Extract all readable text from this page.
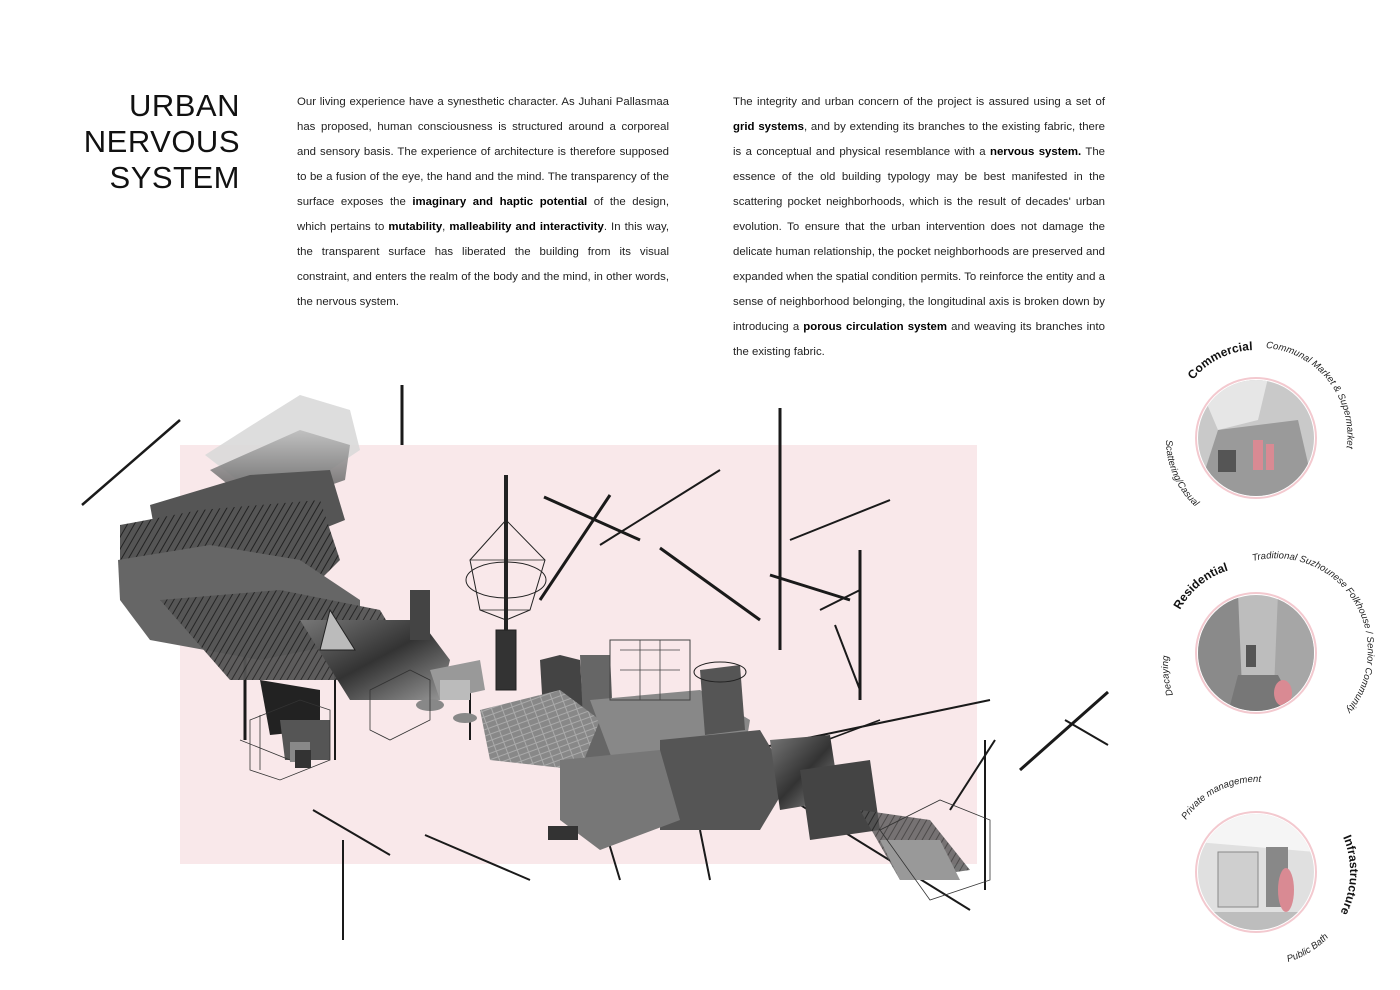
URBAN
NERVOUS
SYSTEM
Our living experience have a synesthetic character. As Juhani Pallasmaa has proposed, human consciousness is structured around a corporeal and sensory basis. The experience of architecture is therefore supposed to be a fusion of the eye, the hand and the mind. The transparency of the surface exposes the imaginary and haptic potential of the design, which pertains to mutability, malleability and interactivity. In this way, the transparent surface has liberated the building from its visual constraint, and enters the realm of the body and the mind, in other words, the nervous system.
The integrity and urban concern of the project is assured using a set of grid systems, and by extending its branches to the existing fabric, there is a conceptual and physical resemblance with a nervous system. The essence of the old building typology may be best manifested in the scattering pocket neighborhoods, which is the result of decades' urban evolution. To ensure that the urban intervention does not damage the delicate human relationship, the pocket neighborhoods are preserved and expanded when the spatial condition permits. To reinforce the entity and a sense of neighborhood belonging, the longitudinal axis is broken down by introducing a porous circulation system and weaving its branches into the existing fabric.
Commercial Communal Market & Supermarket
Scattering/Casual
Residential
Traditional Suzhounese Folkhouse / Senior Community
Decaying
Infrastructure
Private management
Public Bath
